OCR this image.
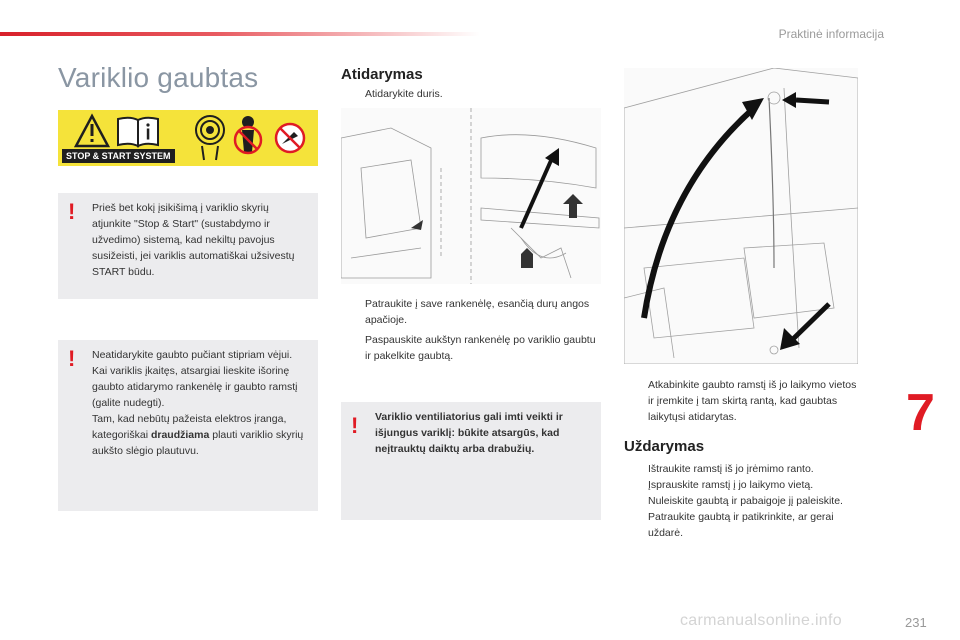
Praktinė informacija
Variklio gaubtas
STOP & START SYSTEM
! Prieš bet kokį įsikišimą į variklio skyrių atjunkite "Stop & Start" (sustabdymo ir užvedimo) sistemą, kad nekiltų pavojus susižeisti, jei variklis automatiškai užsivestų START būdu.

! Neatidarykite gaubto pučiant stipriam vėjui.
Kai variklis įkaitęs, atsargiai lieskite išorinę gaubto atidarymo rankenėlę ir gaubto ramstį (galite nudegti).
Tam, kad nebūtų pažeista elektros įranga, kategoriškai draudžiama plauti variklio skyrių aukšto slėgio plautuvu.
Atidarymas
Atidarykite duris.
Patraukite į save rankenėlę, esančią durų angos apačioje.
Paspauskite aukštyn rankenėlę po variklio gaubtu ir pakelkite gaubtą.
! Variklio ventiliatorius gali imti veikti ir išjungus variklį: būkite atsargūs, kad neįtrauktų daiktų arba drabužių.

Atkabinkite gaubto ramstį iš jo laikymo vietos ir įremkite į tam skirtą rantą, kad gaubtas laikytųsi atidarytas.
Uždarymas
Ištraukite ramstį iš jo įrėmimo ranto.
Įsprauskite ramstį į jo laikymo vietą.
Nuleiskite gaubtą ir pabaigoje jį paleiskite.
Patraukite gaubtą ir patikrinkite, ar gerai uždarė.
7
carmanualsonline.info	231
